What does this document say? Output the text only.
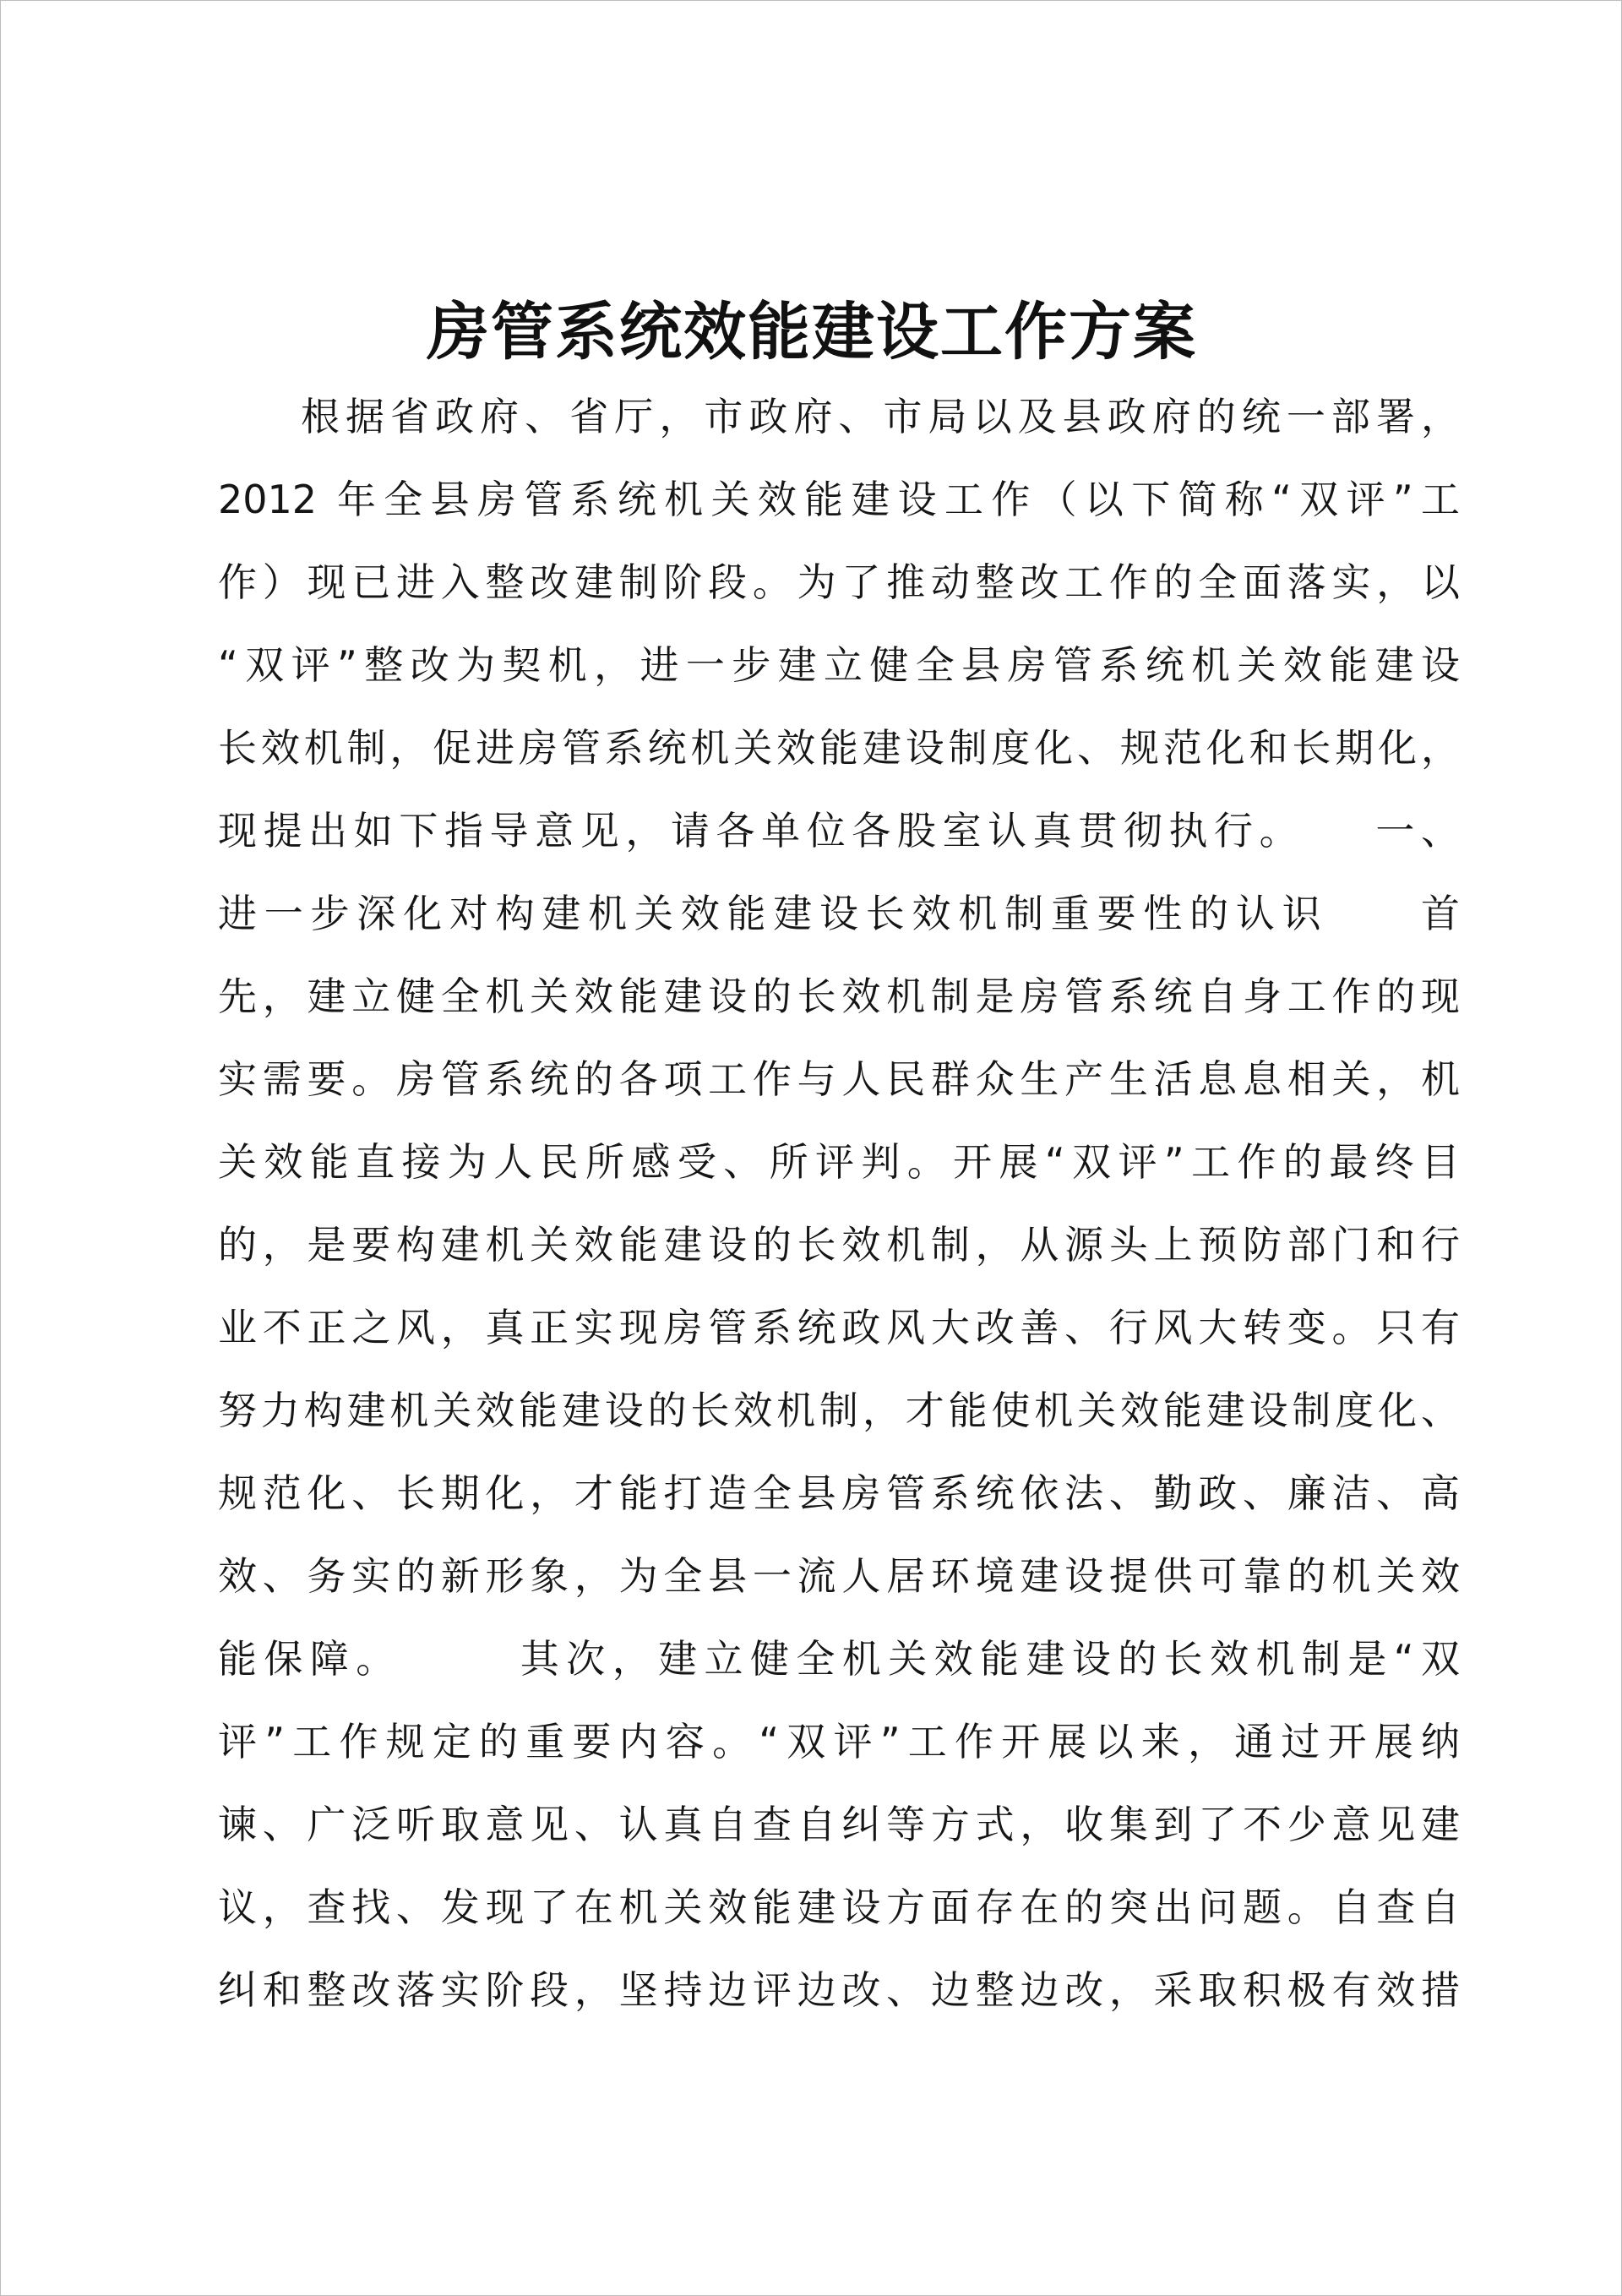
房管系统效能建设工作方案
根据省政府、省厅，市政府、市局以及县政府的统一部署，
2012 年全县房管系统机关效能建设工作（以下简称“双评”工
作）现已进入整改建制阶段。为了推动整改工作的全面落实，以
“双评”整改为契机，进一步建立健全县房管系统机关效能建设
长效机制，促进房管系统机关效能建设制度化、规范化和长期化，
现提出如下指导意见，请各单位各股室认真贯彻执行。　　一、
进一步深化对构建机关效能建设长效机制重要性的认识　　首
先，建立健全机关效能建设的长效机制是房管系统自身工作的现
实需要。房管系统的各项工作与人民群众生产生活息息相关，机
关效能直接为人民所感受、所评判。开展“双评”工作的最终目
的，是要构建机关效能建设的长效机制，从源头上预防部门和行
业不正之风，真正实现房管系统政风大改善、行风大转变。只有
努力构建机关效能建设的长效机制，才能使机关效能建设制度化、
规范化、长期化，才能打造全县房管系统依法、勤政、廉洁、高
效、务实的新形象，为全县一流人居环境建设提供可靠的机关效
能保障。　　　其次，建立健全机关效能建设的长效机制是“双
评”工作规定的重要内容。“双评”工作开展以来，通过开展纳
谏、广泛听取意见、认真自查自纠等方式，收集到了不少意见建
议，查找、发现了在机关效能建设方面存在的突出问题。自查自
纠和整改落实阶段，坚持边评边改、边整边改，采取积极有效措
